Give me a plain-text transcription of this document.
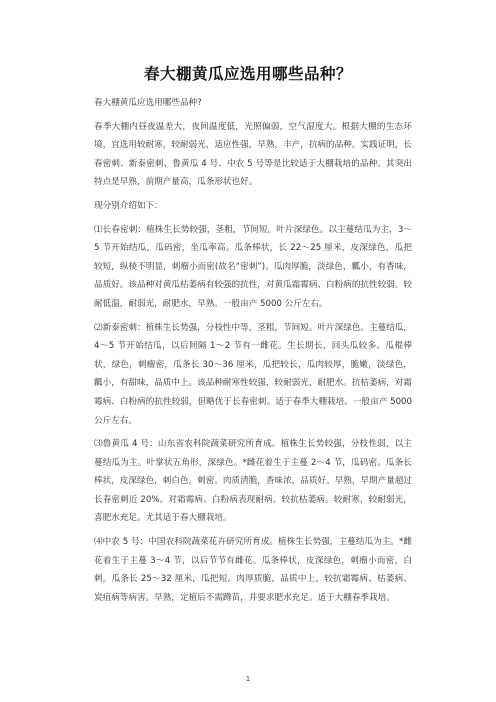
春大棚黄瓜应选用哪些品种？

春大棚黄瓜应选用哪些品种?

春季大棚内昼夜温差大，夜间温度低，光照偏弱，空气湿度大。根据大棚的生态环境，宜选用较耐寒，较耐弱光，适应性强，早熟，丰产，抗病的品种。实践证明，长春密刺、新泰密刺、鲁黄瓜 4 号、中农 5 号等是比较适于大棚栽培的品种。其突出特点是早熟，前期产量高，瓜条形状也好。

现分别介绍如下：

⑴长春密刺：植株生长势较强，茎粗，节间短。叶片深绿色。以主蔓结瓜为主，3～5 节开始结瓜，瓜码密，坐瓜率高。瓜条棒状，长 22～25 厘米，皮深绿色，瓜把较短，纵棱不明显，刺瘤小而密(故名“密刺”)。瓜肉厚脆，淡绿色，瓤小，有香味，品质好。该品种对黄瓜枯萎病有较强的抗性，对黄瓜霜霉病、白粉病的抗性较弱。较耐低温，耐弱光，耐肥水，早熟。一般亩产 5000 公斤左右。

⑵新泰密刺：植株生长势强，分枝性中等，茎粗，节间短。叶片深绿色。主蔓结瓜，4～5 节开始结瓜，以后间隔 1～2 节有一雌花。生长期长，回头瓜较多。瓜棍棒状，绿色，刺瘤密，瓜条长 30～36 厘米，瓜把较长，瓜肉较厚，脆嫩，淡绿色，瓤小，有甜味，品质中上。该品种耐寒性较强，较耐弱光，耐肥水。抗枯萎病，对霜霉病、白粉病的抗性较弱，但略优于长春密刺。适于春季大棚栽培。一般亩产 5000 公斤左右。

⑶鲁黄瓜 4 号：山东省农科院蔬菜研究所育成。植株生长势较强，分枝性弱，以主蔓结瓜为主。叶掌状五角形，深绿色。*雌花着生于主蔓 2～4 节，瓜码密。瓜条长棒状，皮深绿色，刺白色，刺密。肉质清脆，香味浓，品质好。早熟，早期产量超过长春密刺近 20%。对霜霉病、白粉病表现耐病。较抗枯萎病。较耐寒，较耐弱光，喜肥水充足。尤其适于春大棚栽培。

⑷中农 5 号：中国农科院蔬菜花卉研究所育成。植株生长势强，主蔓结瓜为主。*雌花着生于主蔓 3～4 节，以后节节有雌花。瓜条棒状，皮深绿色，刺瘤小而密，白刺。瓜条长 25～32 厘米，瓜把短。肉厚质脆，品质中上，较抗霜霉病、枯萎病、炭疽病等病害。早熟，定植后不需蹲苗，并要求肥水充足。适于大棚春季栽培。

1
